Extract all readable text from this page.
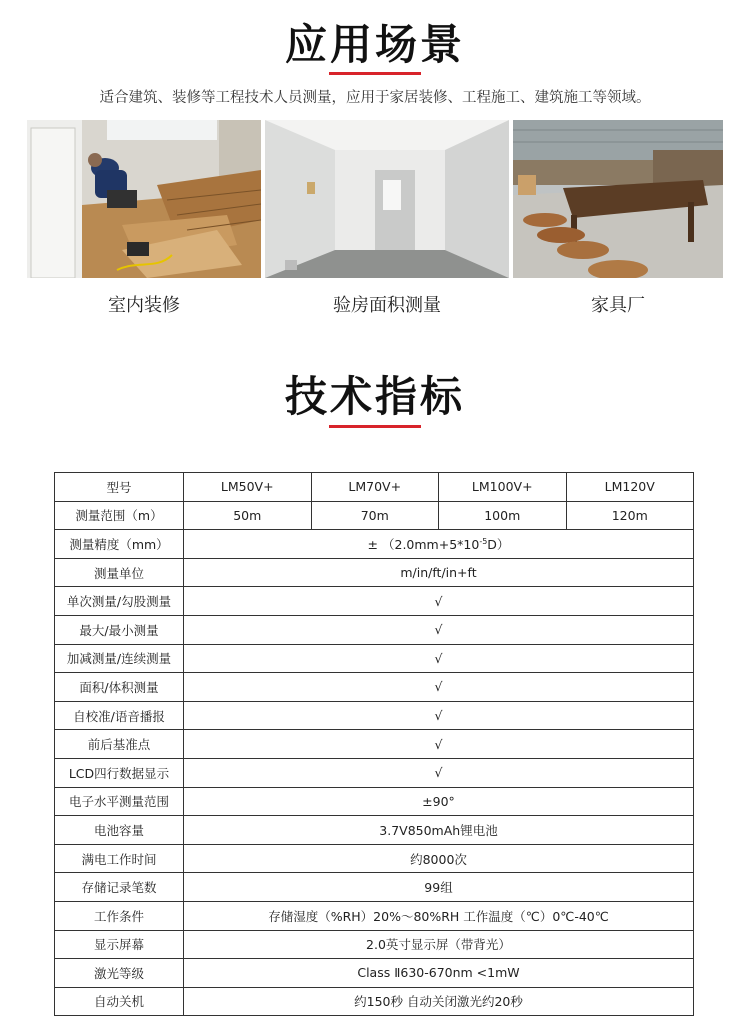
应用场景
适合建筑、装修等工程技术人员测量，应用于家居装修、工程施工、建筑施工等领域。
室内装修	验房面积测量	家具厂
技术指标
型号	LM50V+	LM70V+	LM100V+	LM120V
测量范围（m）	50m	70m	100m	120m
测量精度（mm）	± $(2.0mm+5*10^{-5}D)$			
测量单位	m/in/ft/in+ft			
单次测量/勾股测量	√			
最大/最小测量	√			
加减测量/连续测量	√			
面积/体积测量	√			
自校准/语音播报	√			
前后基准点	√			
LCD四行数据显示	√			
电子水平测量范围	±90°			
电池容量	3.7V850mAh锂电池			
满电工作时间	约8000次			
存储记录笔数	99组			
工作条件	存储湿度（%RH）20%～80%RH 工作温度（℃）0℃-40℃			
显示屏幕	2.0英寸显示屏（带背光）			
激光等级	Class Ⅱ630-670nm <1mW			
自动关机	约150秒 自动关闭激光约20秒			
